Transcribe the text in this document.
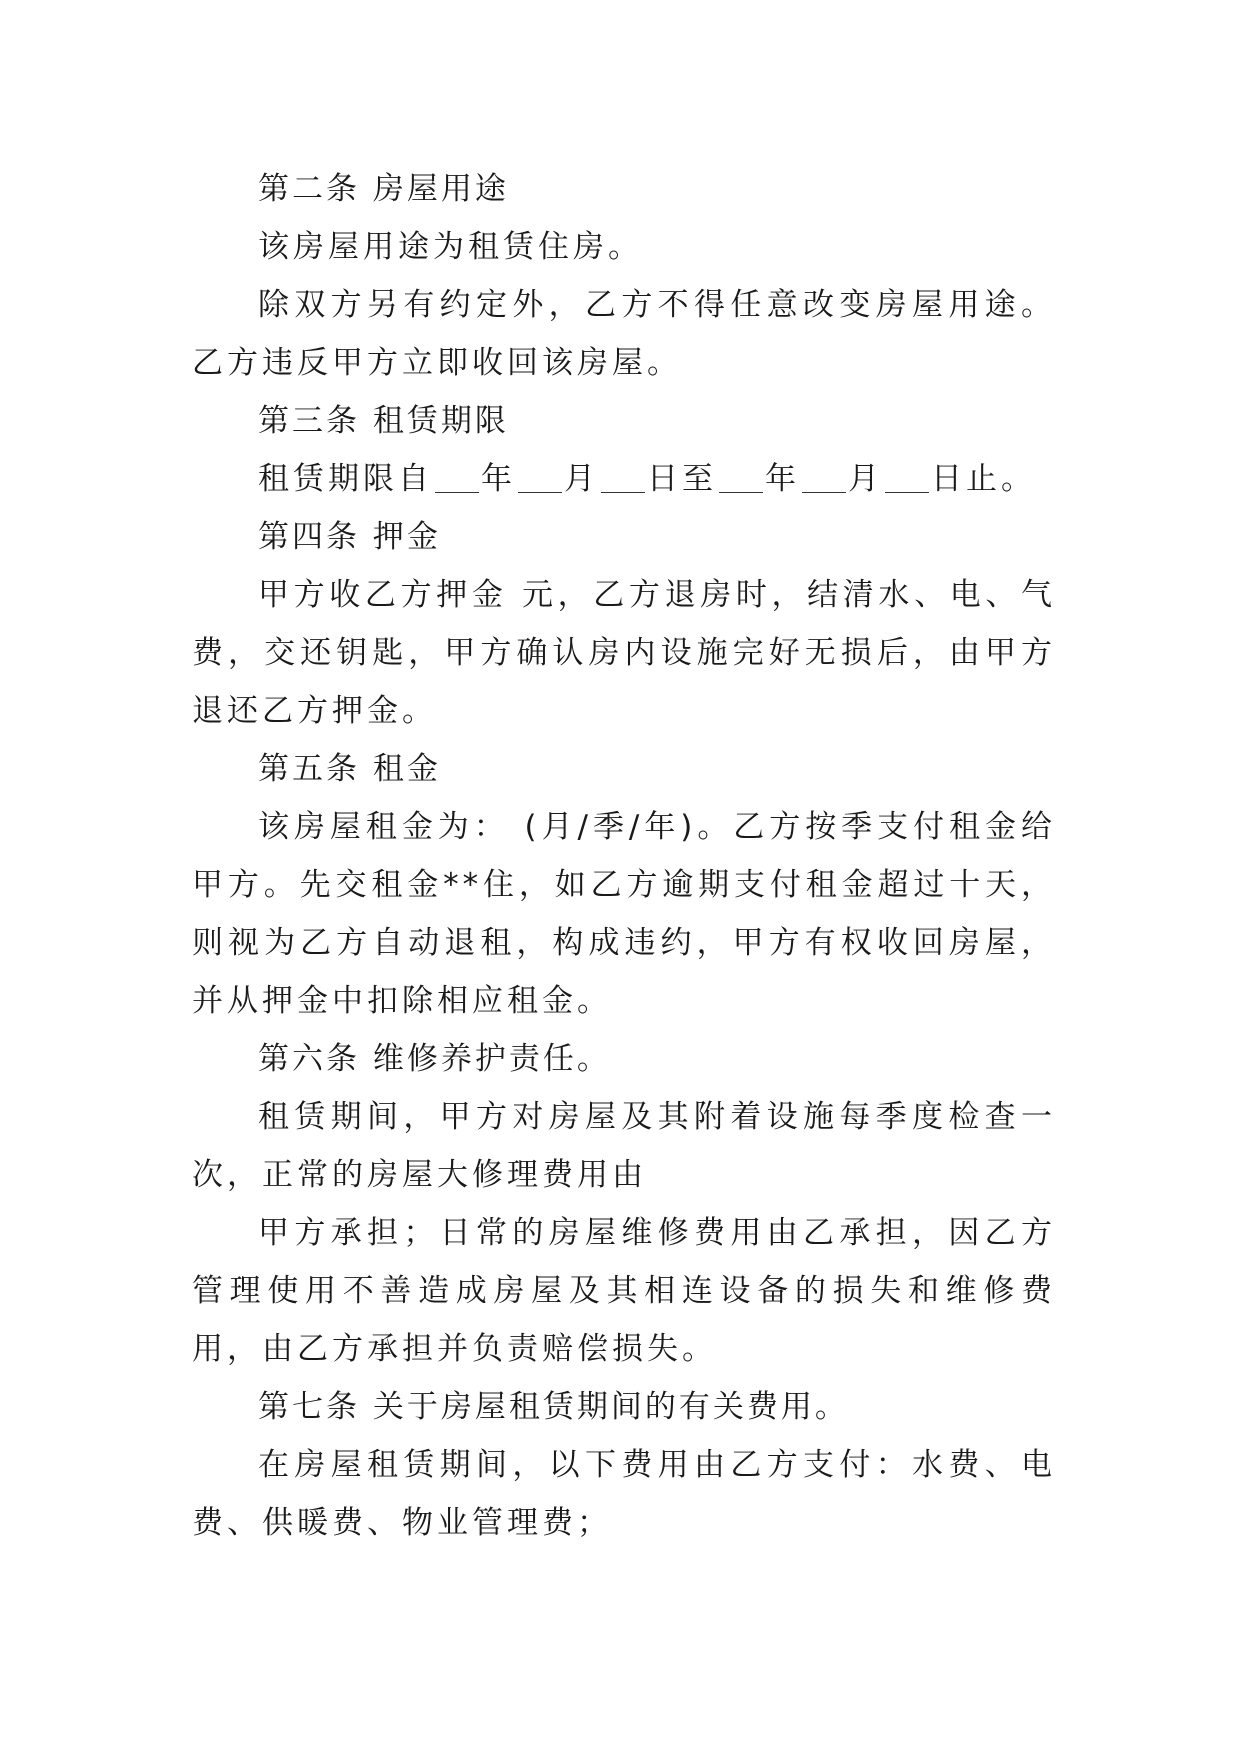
第二条 房屋用途

该房屋用途为租赁住房。

除双方另有约定外，乙方不得任意改变房屋用途。乙方违反甲方立即收回该房屋。

第三条 租赁期限

租赁期限自 年 月 日至 年 月 日止。

第四条 押金

甲方收乙方押金 元，乙方退房时，结清水、电、气费，交还钥匙，甲方确认房内设施完好无损后，由甲方退还乙方押金。

第五条 租金

该房屋租金为： (月/季/年)。乙方按季支付租金给甲方。先交租金**住，如乙方逾期支付租金超过十天，则视为乙方自动退租，构成违约，甲方有权收回房屋，并从押金中扣除相应租金。

第六条 维修养护责任。

租赁期间，甲方对房屋及其附着设施每季度检查一次，正常的房屋大修理费用由

甲方承担；日常的房屋维修费用由乙承担，因乙方管理使用不善造成房屋及其相连设备的损失和维修费用，由乙方承担并负责赔偿损失。

第七条 关于房屋租赁期间的有关费用。

在房屋租赁期间，以下费用由乙方支付：水费、电费、供暖费、物业管理费；
